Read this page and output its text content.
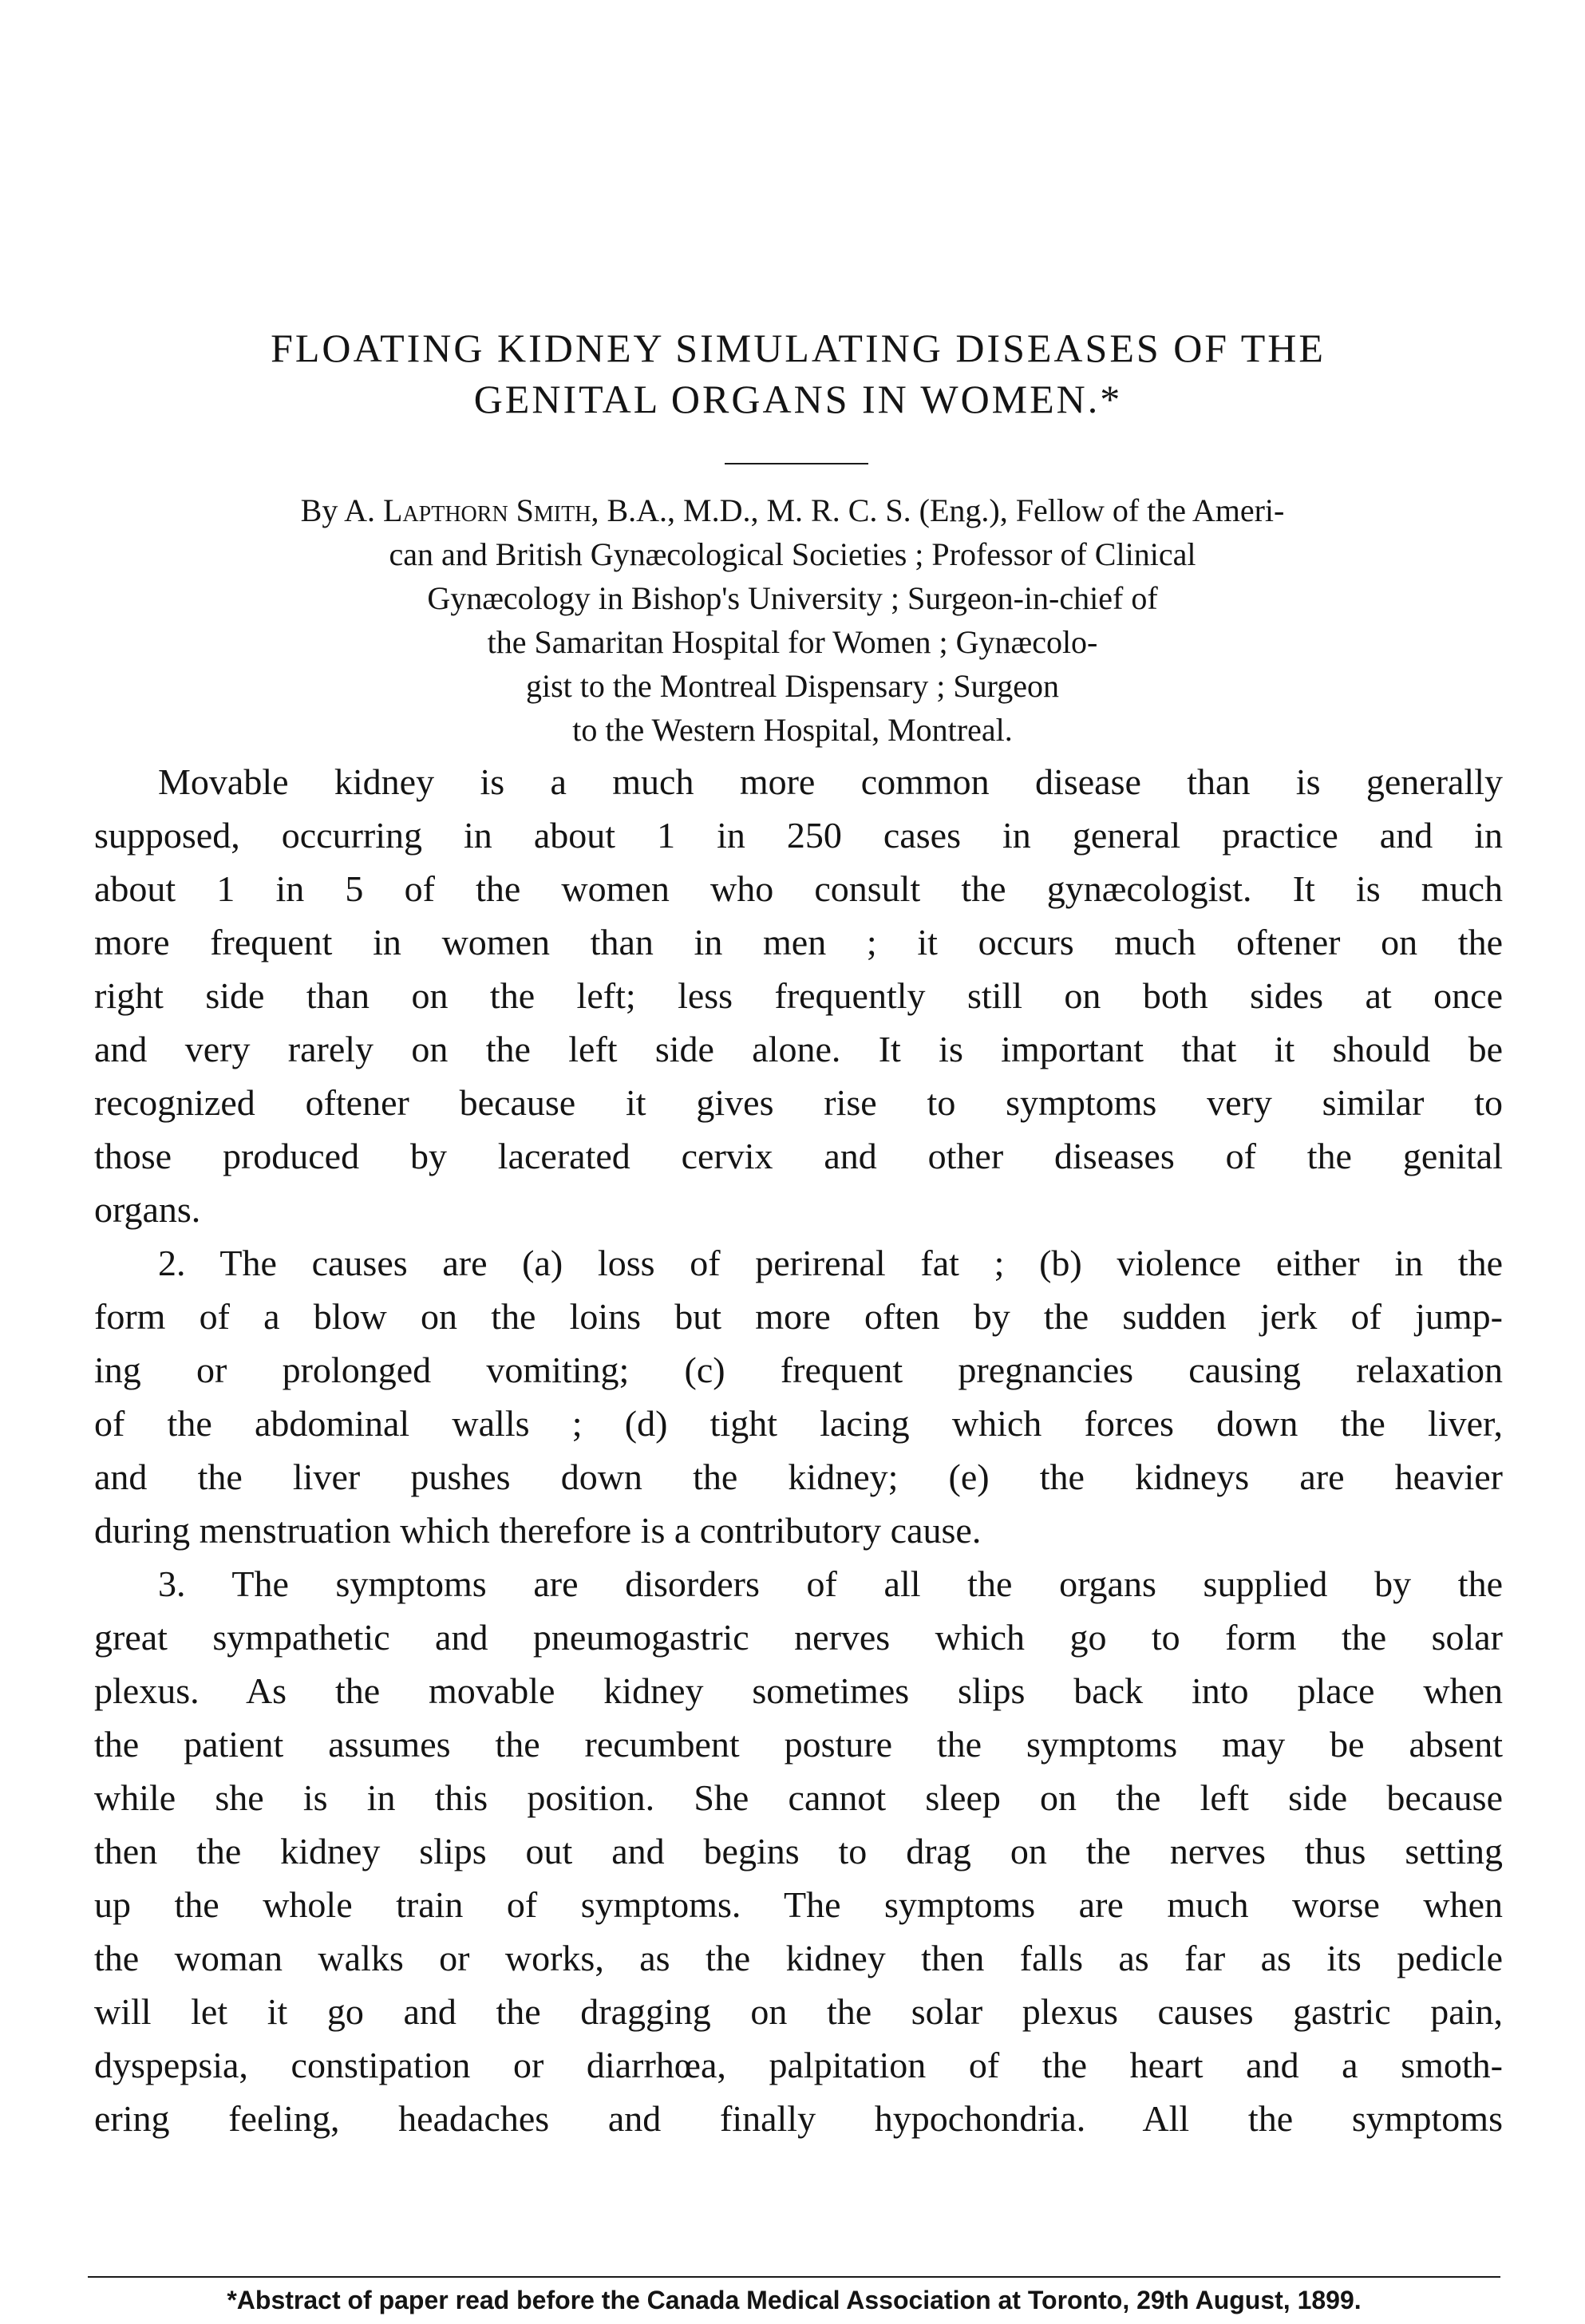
FLOATING KIDNEY SIMULATING DISEASES OF THE
GENITAL ORGANS IN WOMEN.*

By A. Lapthorn Smith, B.A., M.D., M. R. C. S. (Eng.), Fellow of the Ameri-

can and British Gynæcological Societies ; Professor of Clinical

Gynæcology in Bishop's University ; Surgeon-in-chief of

the Samaritan Hospital for Women ; Gynæcolo-

gist to the Montreal Dispensary ; Surgeon

to the Western Hospital, Montreal.

Movable kidney is a much more common disease than is generally

supposed, occurring in about 1 in 250 cases in general practice and in

about 1 in 5 of the women who consult the gynæcologist. It is much

more frequent in women than in men ; it occurs much oftener on the

right side than on the left; less frequently still on both sides at once

and very rarely on the left side alone. It is important that it should be

recognized oftener because it gives rise to symptoms very similar to

those produced by lacerated cervix and other diseases of the genital

organs.

2. The causes are (a) loss of perirenal fat ; (b) violence either in the

form of a blow on the loins but more often by the sudden jerk of jump-

ing or prolonged vomiting; (c) frequent pregnancies causing relaxation

of the abdominal walls ; (d) tight lacing which forces down the liver,

and the liver pushes down the kidney; (e) the kidneys are heavier

during menstruation which therefore is a contributory cause.

3. The symptoms are disorders of all the organs supplied by the

great sympathetic and pneumogastric nerves which go to form the solar

plexus. As the movable kidney sometimes slips back into place when

the patient assumes the recumbent posture the symptoms may be absent

while she is in this position. She cannot sleep on the left side because

then the kidney slips out and begins to drag on the nerves thus setting

up the whole train of symptoms. The symptoms are much worse when

the woman walks or works, as the kidney then falls as far as its pedicle

will let it go and the dragging on the solar plexus causes gastric pain,

dyspepsia, constipation or diarrhœa, palpitation of the heart and a smoth-

ering feeling, headaches and finally hypochondria. All the symptoms

*Abstract of paper read before the Canada Medical Association at Toronto, 29th August, 1899.
